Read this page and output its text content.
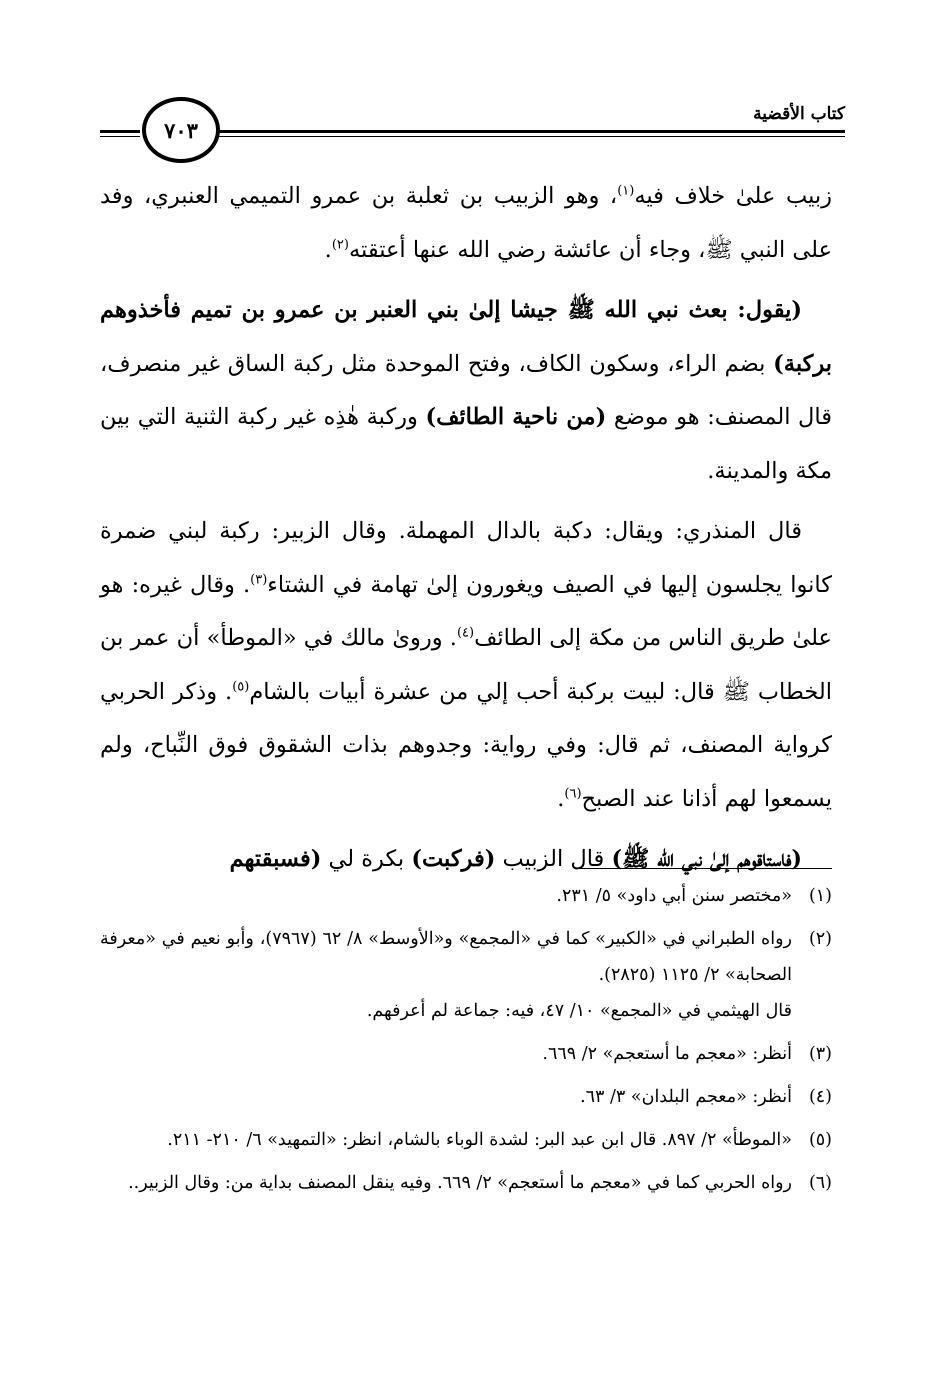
كتاب الأقضية
٧٠٣

زبيب علىٰ خلاف فيه$^{(١)}$، وهو الزبيب بن ثعلبة بن عمرو التميمي العنبري، وفد على النبي ﷺ، وجاء أن عائشة رضي الله عنها أعتقته$^{(٢)}$.

(يقول: بعث نبي الله ﷺ جيشا إلىٰ بني العنبر بن عمرو بن تميم فأخذوهم بركبة) بضم الراء، وسكون الكاف، وفتح الموحدة مثل ركبة الساق غير منصرف، قال المصنف: هو موضع (من ناحية الطائف) وركبة هٰذِه غير ركبة الثنية التي بين مكة والمدينة.

قال المنذري: ويقال: دكبة بالدال المهملة. وقال الزبير: ركبة لبني ضمرة كانوا يجلسون إليها في الصيف ويغورون إلىٰ تهامة في الشتاء$^{(٣)}$. وقال غيره: هو علىٰ طريق الناس من مكة إلى الطائف$^{(٤)}$. وروىٰ مالك في «الموطأ» أن عمر بن الخطاب ﷺ قال: لبيت بركبة أحب إلي من عشرة أبيات بالشام$^{(٥)}$. وذكر الحربي كرواية المصنف، ثم قال: وفي رواية: وجدوهم بذات الشقوق فوق النِّباح، ولم يسمعوا لهم أذانا عند الصبح$^{(٦)}$.

(فاستاقوهم إلىٰ نبي الله ﷺ) قال الزبيب (فركبت) بكرة لي (فسبقتهم

(١)
«مختصر سنن أبي داود» ٥/ ٢٣١.
(٢)
رواه الطبراني في «الكبير» كما في «المجمع» و«الأوسط» ٨/ ٦٢ (٧٩٦٧)، وأبو نعيم في «معرفة الصحابة» ٢/ ١١٢٥ (٢٨٢٥).
قال الهيثمي في «المجمع» ١٠/ ٤٧، فيه: جماعة لم أعرفهم.
(٣)
أنظر: «معجم ما أستعجم» ٢/ ٦٦٩.
(٤)
أنظر: «معجم البلدان» ٣/ ٦٣.
(٥)
«الموطأ» ٢/ ٨٩٧. قال ابن عبد البر: لشدة الوباء بالشام، انظر: «التمهيد» ٦/ ٢١٠- ٢١١.
(٦)
رواه الحربي كما في «معجم ما أستعجم» ٢/ ٦٦٩. وفيه ينقل المصنف بداية من: وقال الزبير..
